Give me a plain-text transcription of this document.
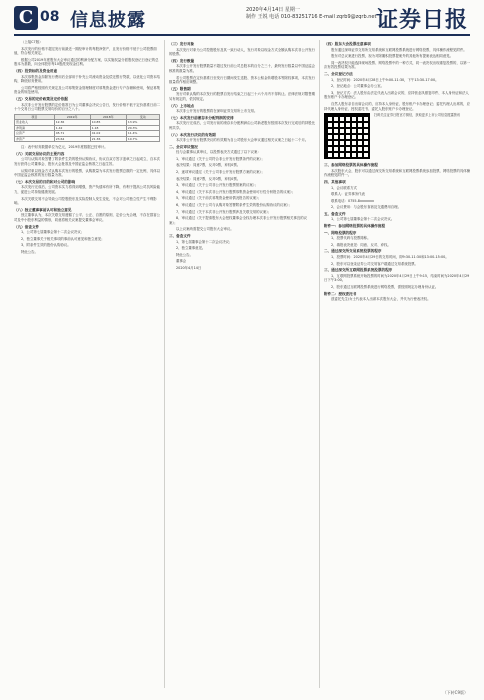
C 08 信息披露	2020年4月14日 星期一
制作 王锐 电话 010-83251716 E-mail zqrb9@zqrb.net 证券日报

（上接C7版）

本次发行的价格不超过发行前最近一期经审计的每股净资产，且发行价格不低于公司股票面值，符合相关规定。

根据公司2019年度股东大会审议通过的利润分配方案，以实施权益分派股权登记日登记的总股本为基数，向全体股东每10股派发现金红利。

（四）投资标的及资金用途

本次募集资金扣除发行费用后全部用于补充公司流动资金及偿还银行贷款，以优化公司资本结构，降低财务费用。

公司将严格按照有关规定及公司募集资金管理制度对募集资金进行专户存储和使用，保证募集资金的规范使用。

（五）交易的定价政策及定价依据

本次非公开发行股票的定价基准日为公司董事会决议公告日，发行价格不低于定价基准日前二十个交易日公司股票交易均价的百分之八十。

项目	2019年	2018年	变动
营业收入	12.36	10.85	13.9%
净利润	1.42	1.18	20.3%
总资产	45.71	41.02	11.4%
净资产	23.64	21.36	10.7%

注：表中财务数据单位为亿元，2019年度数据已经审计。

（六）关联交易协议的主要内容

公司与认购对象签署了附条件生效的股份认购协议，协议自双方签字盖章之日起成立，自本次发行获得公司董事会、股东大会批准及中国证监会核准之日起生效。

认购对象以现金方式认购本次发行的股票，认购数量为本次发行股票总数的一定比例，具体以中国证监会核准的发行数量为准。

（七）本次交易的目的和对公司的影响

本次发行完成后，公司资本实力将得到增强，资产负债率有所下降，有利于提高公司抗风险能力，促进公司持续健康发展。

本次关联交易不会导致公司控股股东及实际控制人发生变化，不会对公司独立性产生不利影响。

（八）独立董事事前认可和独立意见

独立董事认为，本次关联交易遵循了公平、公正、自愿的原则，定价公允合理，不存在损害公司及中小股东利益的情形，同意将相关议案提交董事会审议。

（九）备查文件

1、公司第七届董事会第十二次会议决议；

2、独立董事关于相关事项的事前认可意见和独立意见；

3、附条件生效的股份认购协议。

特此公告。

（三）发行对象

本次发行对象为公司控股股东及其一致行动人，发行对象以现金方式全额认购本次非公开发行的股票。

（四）发行数量

本次非公开发行股票数量不超过发行前公司总股本的百分之三十，最终发行数量以中国证监会核准的数量为准。

若公司股票在定价基准日至发行日期间发生送股、资本公积金转增股本等除权事项，本次发行数量将作相应调整。

（五）限售期

发行对象认购的本次发行的股票自发行结束之日起三十六个月内不得转让。法律法规对限售期另有规定的，依其规定。

（六）上市地点

本次非公开发行的股票将在深圳证券交易所上市交易。

（七）本次发行前滚存未分配利润的安排

本次发行完成后，公司发行前的滚存未分配利润由公司新老股东按照本次发行完成后的持股比例共享。

（八）本次发行决议的有效期

本次非公开发行股票决议的有效期为自公司股东大会审议通过相关议案之日起十二个月。

二、会议审议情况

经与会董事认真审议，以投票表决方式通过了以下议案：

1、审议通过《关于公司符合非公开发行股票条件的议案》；

表决结果：同意7票，反对0票，弃权0票。

2、逐项审议通过《关于公司非公开发行股票方案的议案》；

表决结果：同意7票，反对0票，弃权0票。

3、审议通过《关于公司非公开发行股票预案的议案》；

4、审议通过《关于本次非公开发行股票募集资金使用可行性分析报告的议案》；

5、审议通过《关于前次募集资金使用情况报告的议案》；

6、审议通过《关于公司与认购对象签署附条件生效的股份认购协议的议案》；

7、审议通过《关于本次非公开发行股票涉及关联交易的议案》；

8、审议通过《关于提请股东大会授权董事会全权办理本次非公开发行股票相关事宜的议案》；

以上议案尚需提交公司股东大会审议。

三、备查文件

1、第七届董事会第十二次会议决议；

2、独立董事意见。

特此公告。

董事会

2020年4月14日

（四）股东大会投票注意事项

股东通过深圳证券交易所交易系统和互联网投票系统进行网络投票，具体操作流程见附件。

股东对总议案进行投票，视为对除累积投票提案外的其他所有提案表达相同意见。

同一表决权只能选择现场投票、网络投票中的一种方式，同一表决权出现重复投票的，以第一次有效投票结果为准。

二、会议登记方法

1、登记时间：2020年4月28日上午9:00-11:30，下午13:30-17:00。

2、登记地点：公司董事会办公室。

3、登记方式：法人股东由法定代表人出席会议的，应持营业执照复印件、本人身份证和法人股东账户卡办理登记。

自然人股东亲自出席会议的，应持本人身份证、股东账户卡办理登记；委托代理人出席的，应持代理人身份证、授权委托书、委托人股东账户卡办理登记。

扫码关注证券日报官方微信，获取更多上市公司信息披露资讯

三、参加网络投票的具体操作流程

本次股东大会，股东可以通过深交所交易系统和互联网投票系统参加投票，网络投票的具体操作流程见附件一。

四、其他事项

1、会议联系方式

联系人：证券事务代表

联系电话：0755-8xxxxxxx

2、会议费用：与会股东食宿及交通费用自理。

五、备查文件

1、公司第七届董事会第十二次会议决议。

附件一：参加网络投票的具体操作流程

一、网络投票的程序

1、投票代码与投票简称。

2、填报表决意见：同意、反对、弃权。

二、通过深交所交易系统投票的程序

1、投票时间：2020年4月29日的交易时间，即9:30-11:30和13:00-15:00。

2、股东可以登录证券公司交易客户端通过交易系统投票。

三、通过深交所互联网投票系统投票的程序

1、互联网投票系统开始投票的时间为2020年4月29日上午9:15，结束时间为2020年4月29日下午3:00。

2、股东通过互联网投票系统进行网络投票，需按照规定办理身份认证。

附件二：授权委托书

兹委托先生/女士代表本人出席本次股东大会，并代为行使表决权。

（下转C9版）
